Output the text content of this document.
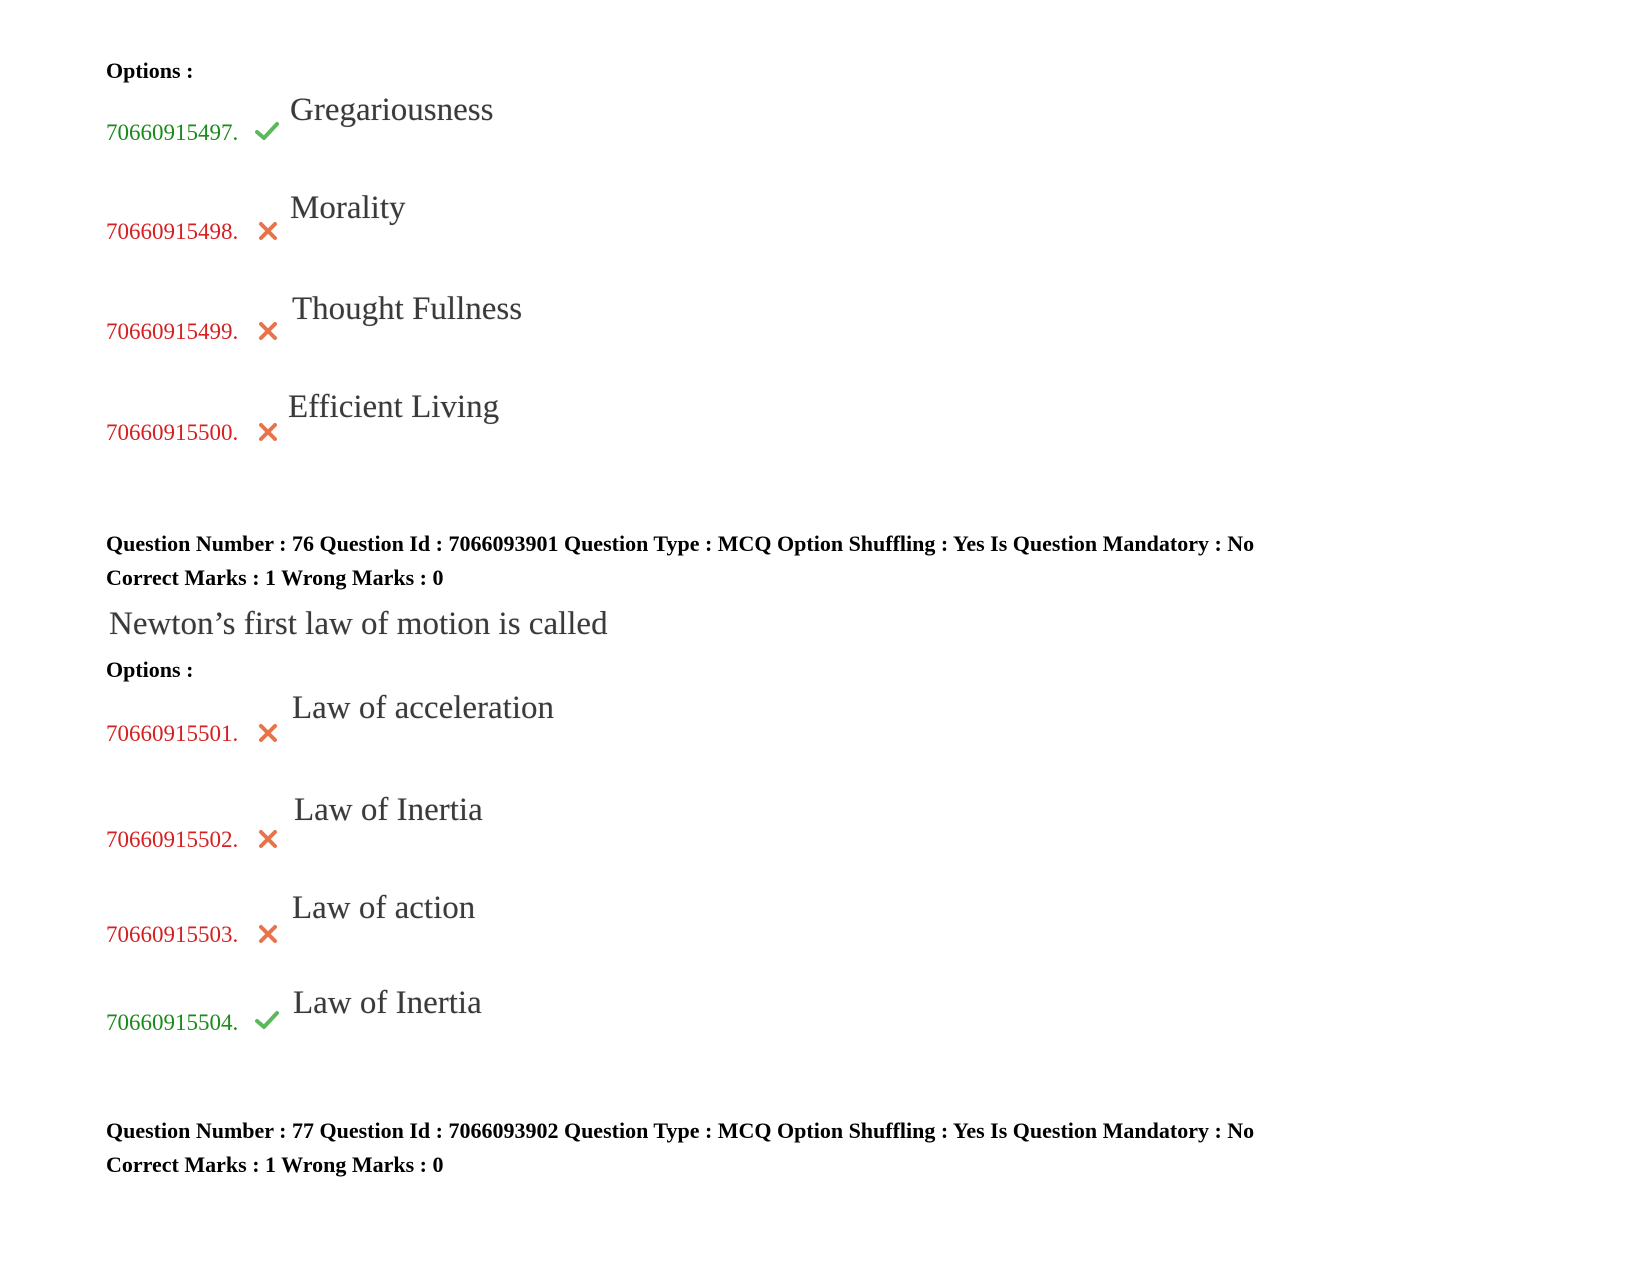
Options :
70660915497.
Gregariousness
70660915498.
Morality
70660915499.
Thought Fullness
70660915500.
Efficient Living
Question Number : 76 Question Id : 7066093901 Question Type : MCQ Option Shuffling : Yes Is Question Mandatory : No
Correct Marks : 1 Wrong Marks : 0
Newton’s first law of motion is called
Options :
70660915501.
Law of acceleration
70660915502.
Law of Inertia
70660915503.
Law of action
70660915504.
Law of Inertia
Question Number : 77 Question Id : 7066093902 Question Type : MCQ Option Shuffling : Yes Is Question Mandatory : No
Correct Marks : 1 Wrong Marks : 0
